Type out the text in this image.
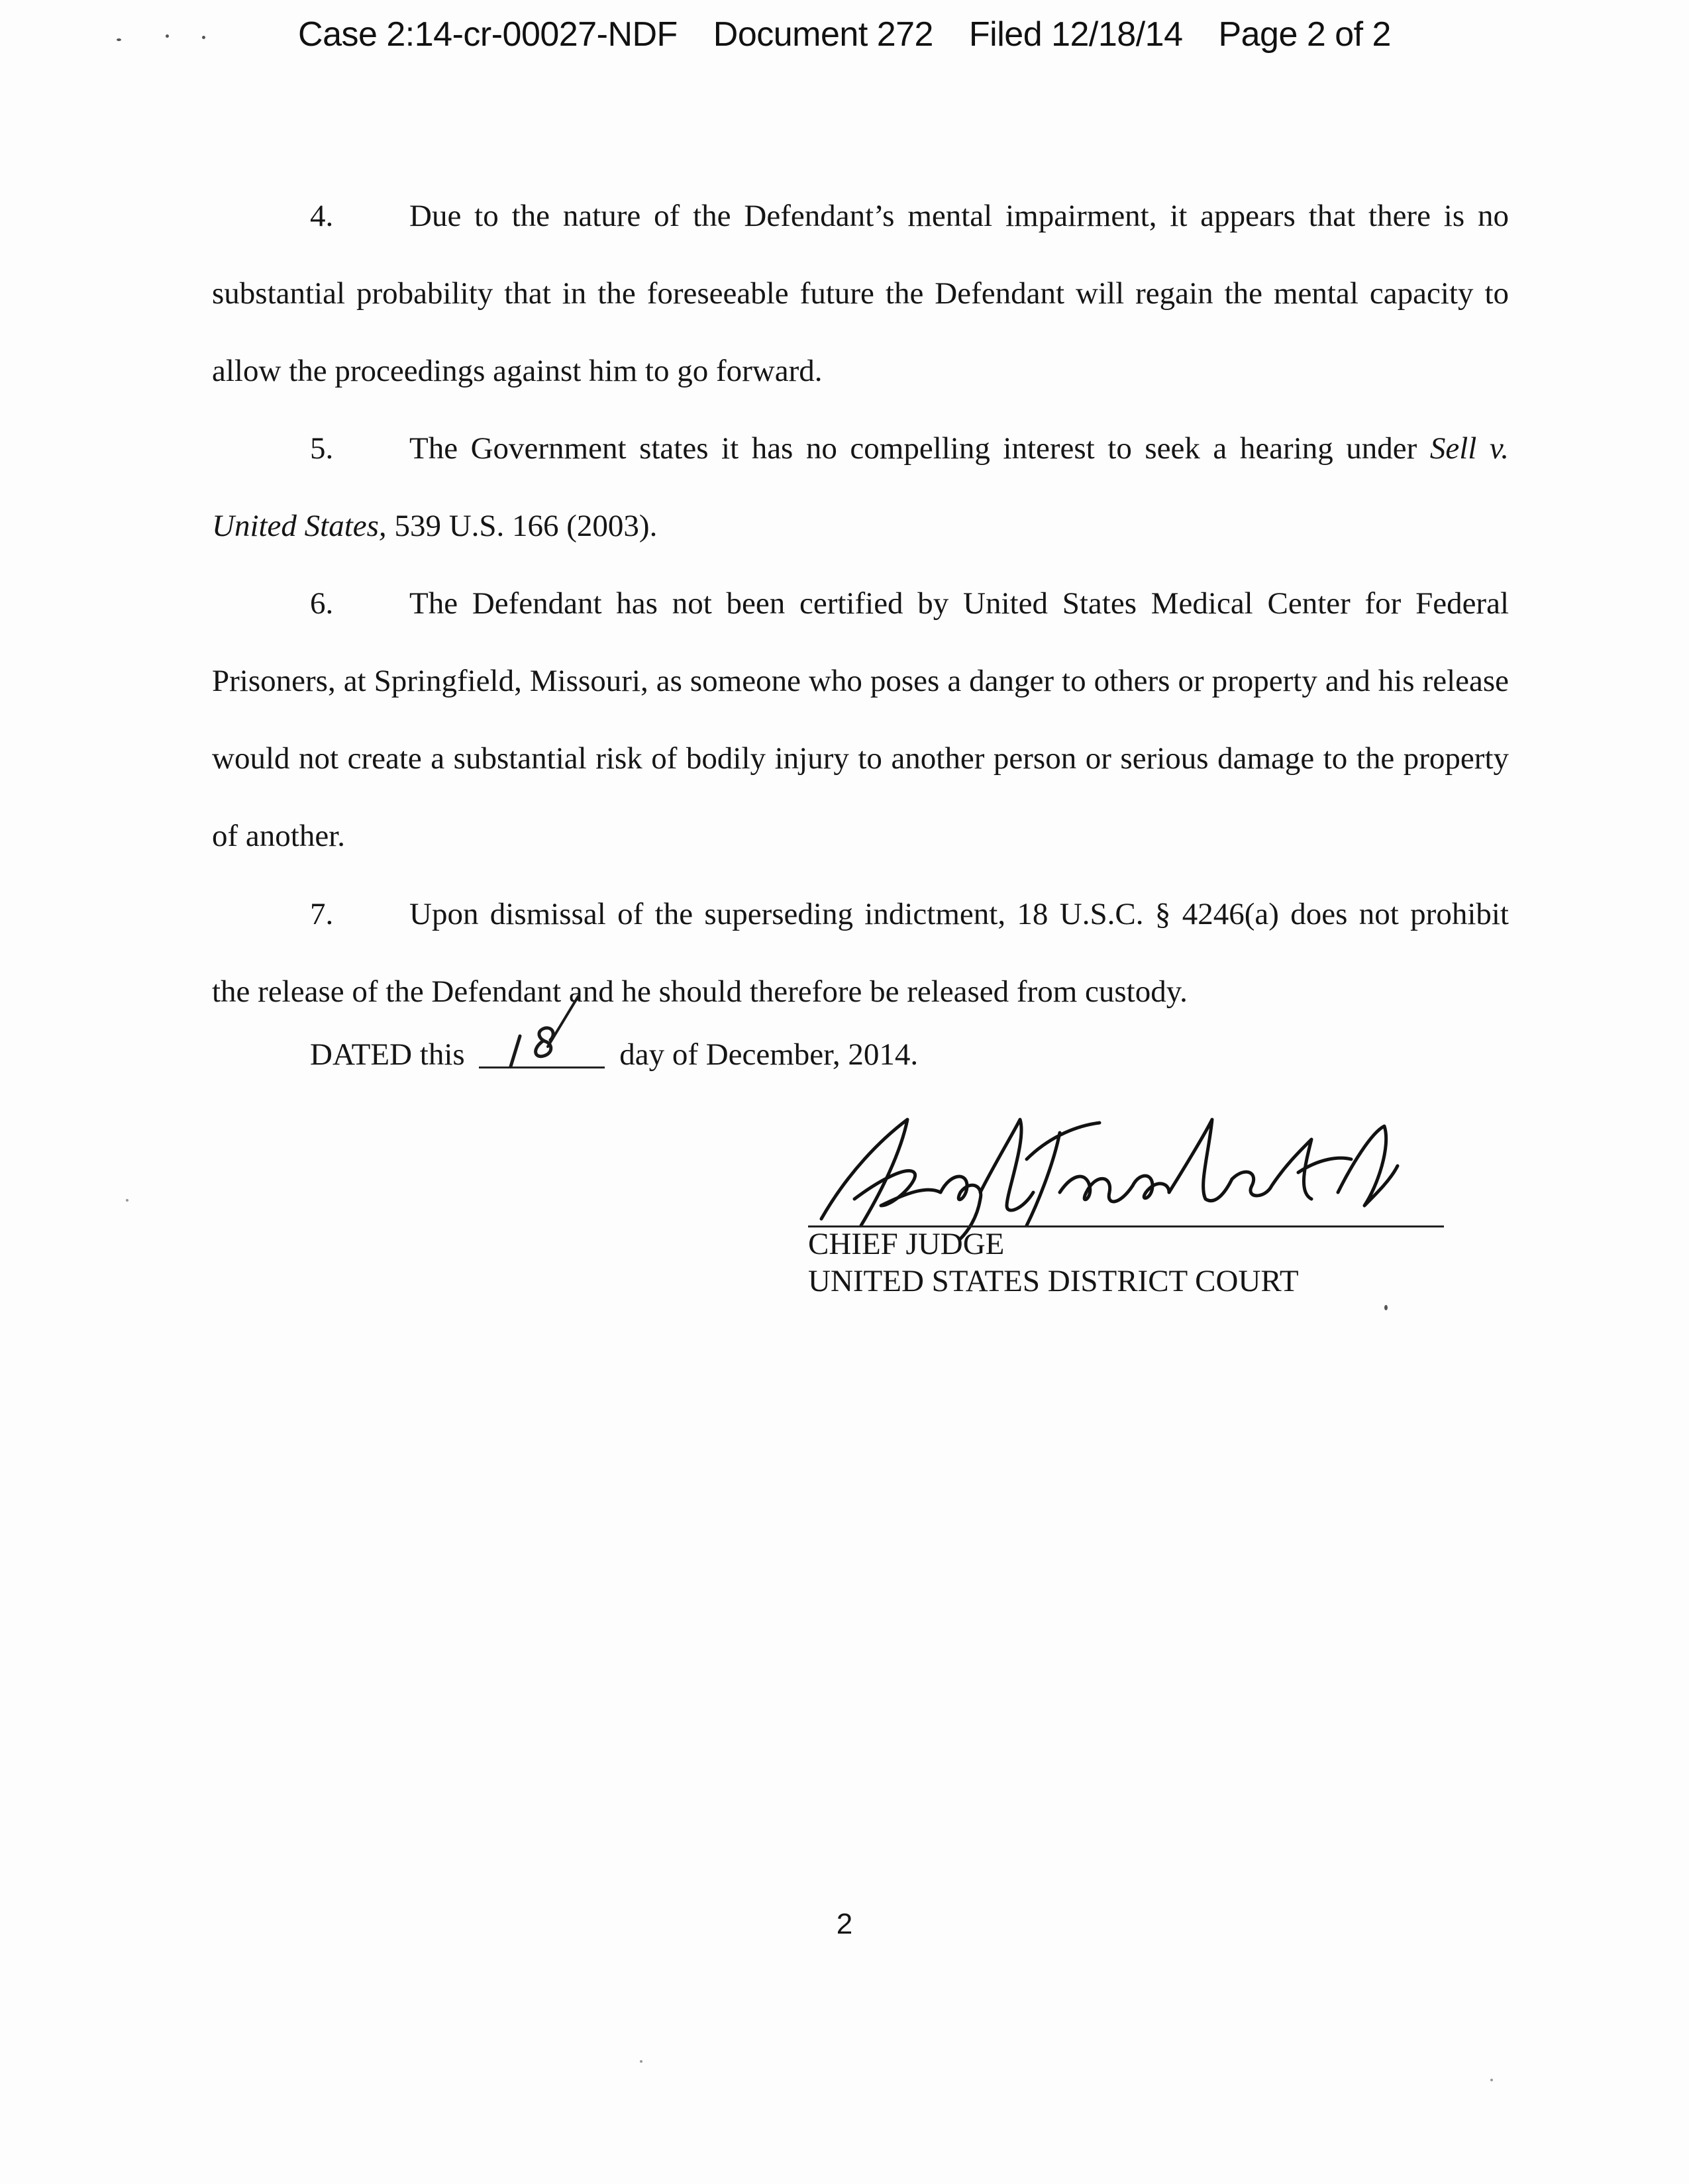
Case 2:14-cr-00027-NDF Document 272 Filed 12/18/14 Page 2 of 2

4. Due to the nature of the Defendant’s mental impairment, it appears that there is no substantial probability that in the foreseeable future the Defendant will regain the mental capacity to allow the proceedings against him to go forward.

5. The Government states it has no compelling interest to seek a hearing under Sell v. United States, 539 U.S. 166 (2003).

6. The Defendant has not been certified by United States Medical Center for Federal Prisoners, at Springfield, Missouri, as someone who poses a danger to others or property and his release would not create a substantial risk of bodily injury to another person or serious damage to the property of another.

7. Upon dismissal of the superseding indictment, 18 U.S.C. § 4246(a) does not prohibit the release of the Defendant and he should therefore be released from custody.

DATED this	day of December, 2014.
CHIEF JUDGE
UNITED STATES DISTRICT COURT
2
